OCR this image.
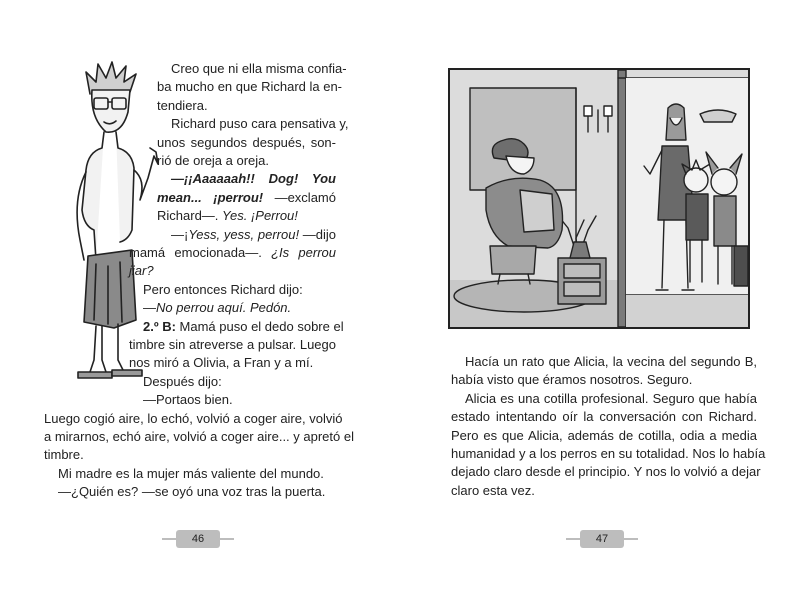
Creo que ni ella misma confia-

ba mucho en que Richard la en-

tendiera.

Richard puso cara pensativa y,

unos segundos después, son-

rió de oreja a oreja.

—¡¡Aaaaaah!! Dog! You

mean... ¡perrou! —exclamó

Richard—. Yes. ¡Perrou!

—¡Yess, yess, perrou! —dijo

mamá emocionada—. ¿Is perrou

jiar?

Pero entonces Richard dijo:

—No perrou aquí. Pedón.

2.º B: Mamá puso el dedo sobre el

timbre sin atreverse a pulsar. Luego

nos miró a Olivia, a Fran y a mí.

Después dijo:

—Portaos bien.

Luego cogió aire, lo echó, volvió a coger aire, volvió

a mirarnos, echó aire, volvió a coger aire... y apretó el

timbre.

Mi madre es la mujer más valiente del mundo.

—¿Quién es? —se oyó una voz tras la puerta.

46

Hacía un rato que Alicia, la vecina del segundo B,

había visto que éramos nosotros. Seguro.

Alicia es una cotilla profesional. Seguro que había

estado intentando oír la conversación con Richard.

Pero es que Alicia, además de cotilla, odia a media

humanidad y a los perros en su totalidad. Nos lo había

dejado claro desde el principio. Y nos lo volvió a dejar

claro esta vez.

47
